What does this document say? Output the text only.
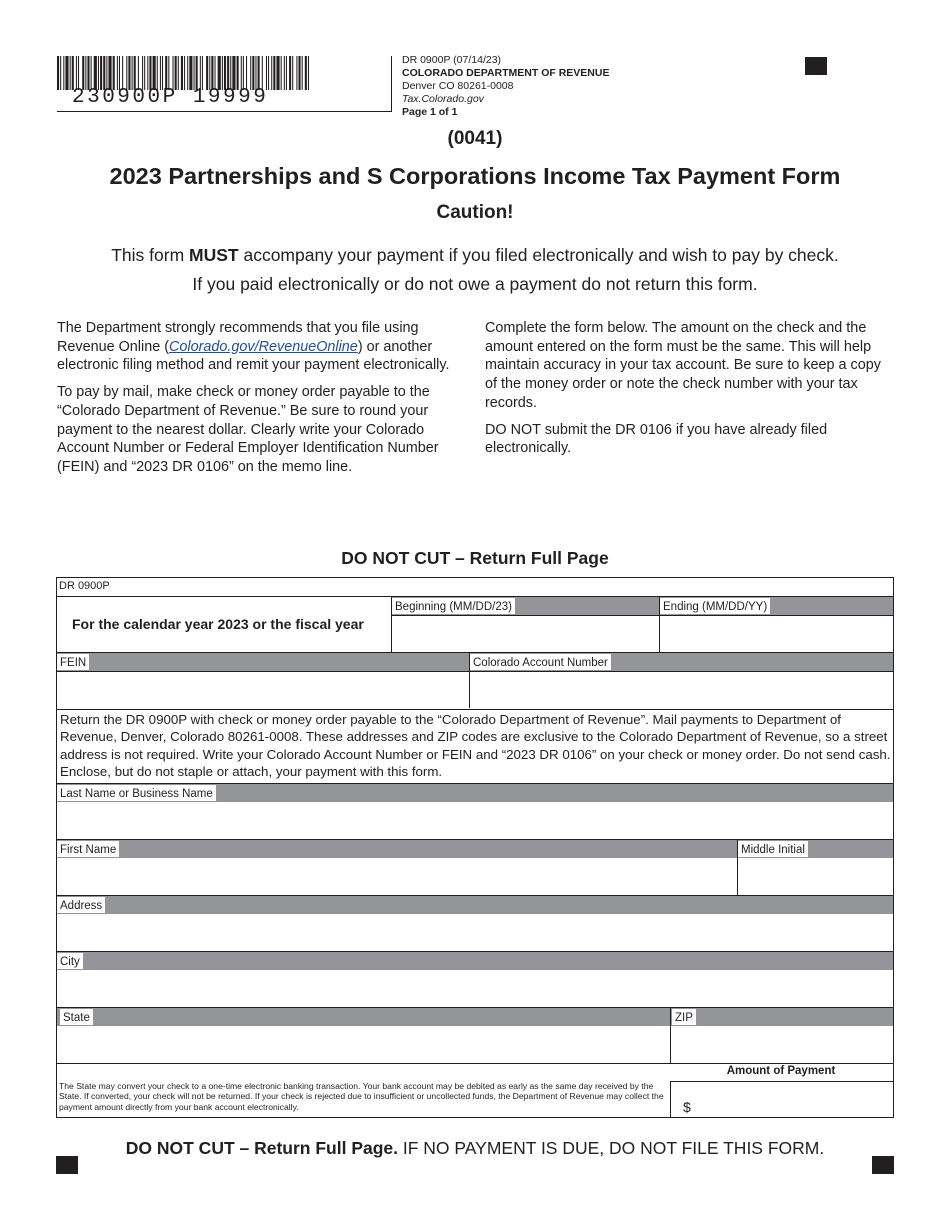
230900P 19999
DR 0900P (07/14/23)
COLORADO DEPARTMENT OF REVENUE
Denver CO 80261-0008
Tax.Colorado.gov
Page 1 of 1
(0041)
2023 Partnerships and S Corporations Income Tax Payment Form
Caution!
This form MUST accompany your payment if you filed electronically and wish to pay by check.
If you paid electronically or do not owe a payment do not return this form.

The Department strongly recommends that you file using Revenue Online (Colorado.gov/RevenueOnline) or another electronic filing method and remit your payment electronically.

To pay by mail, make check or money order payable to the “Colorado Department of Revenue.” Be sure to round your payment to the nearest dollar. Clearly write your Colorado Account Number or Federal Employer Identification Number (FEIN) and “2023 DR 0106” on the memo line.

Complete the form below. The amount on the check and the amount entered on the form must be the same. This will help maintain accuracy in your tax account. Be sure to keep a copy of the money order or note the check number with your tax records.

DO NOT submit the DR 0106 if you have already filed electronically.

DO NOT CUT – Return Full Page
DR 0900P
For the calendar year 2023 or the fiscal year
Beginning (MM/DD/23)	Ending (MM/DD/YY)
FEIN	Colorado Account Number
Return the DR 0900P with check or money order payable to the “Colorado Department of Revenue”. Mail payments to Department of Revenue, Denver, Colorado 80261-0008. These addresses and ZIP codes are exclusive to the Colorado Department of Revenue, so a street address is not required. Write your Colorado Account Number or FEIN and “2023 DR 0106” on your check or money order. Do not send cash. Enclose, but do not staple or attach, your payment with this form.
Last Name or Business Name
First Name	Middle Initial
Address
City
State	ZIP
Amount of Payment
The State may convert your check to a one-time electronic banking transaction. Your bank account may be debited as early as the same day received by the State. If converted, your check will not be returned. If your check is rejected due to insufficient or uncollected funds, the Department of Revenue may collect the payment amount directly from your bank account electronically.	$
DO NOT CUT – Return Full Page. IF NO PAYMENT IS DUE, DO NOT FILE THIS FORM.
